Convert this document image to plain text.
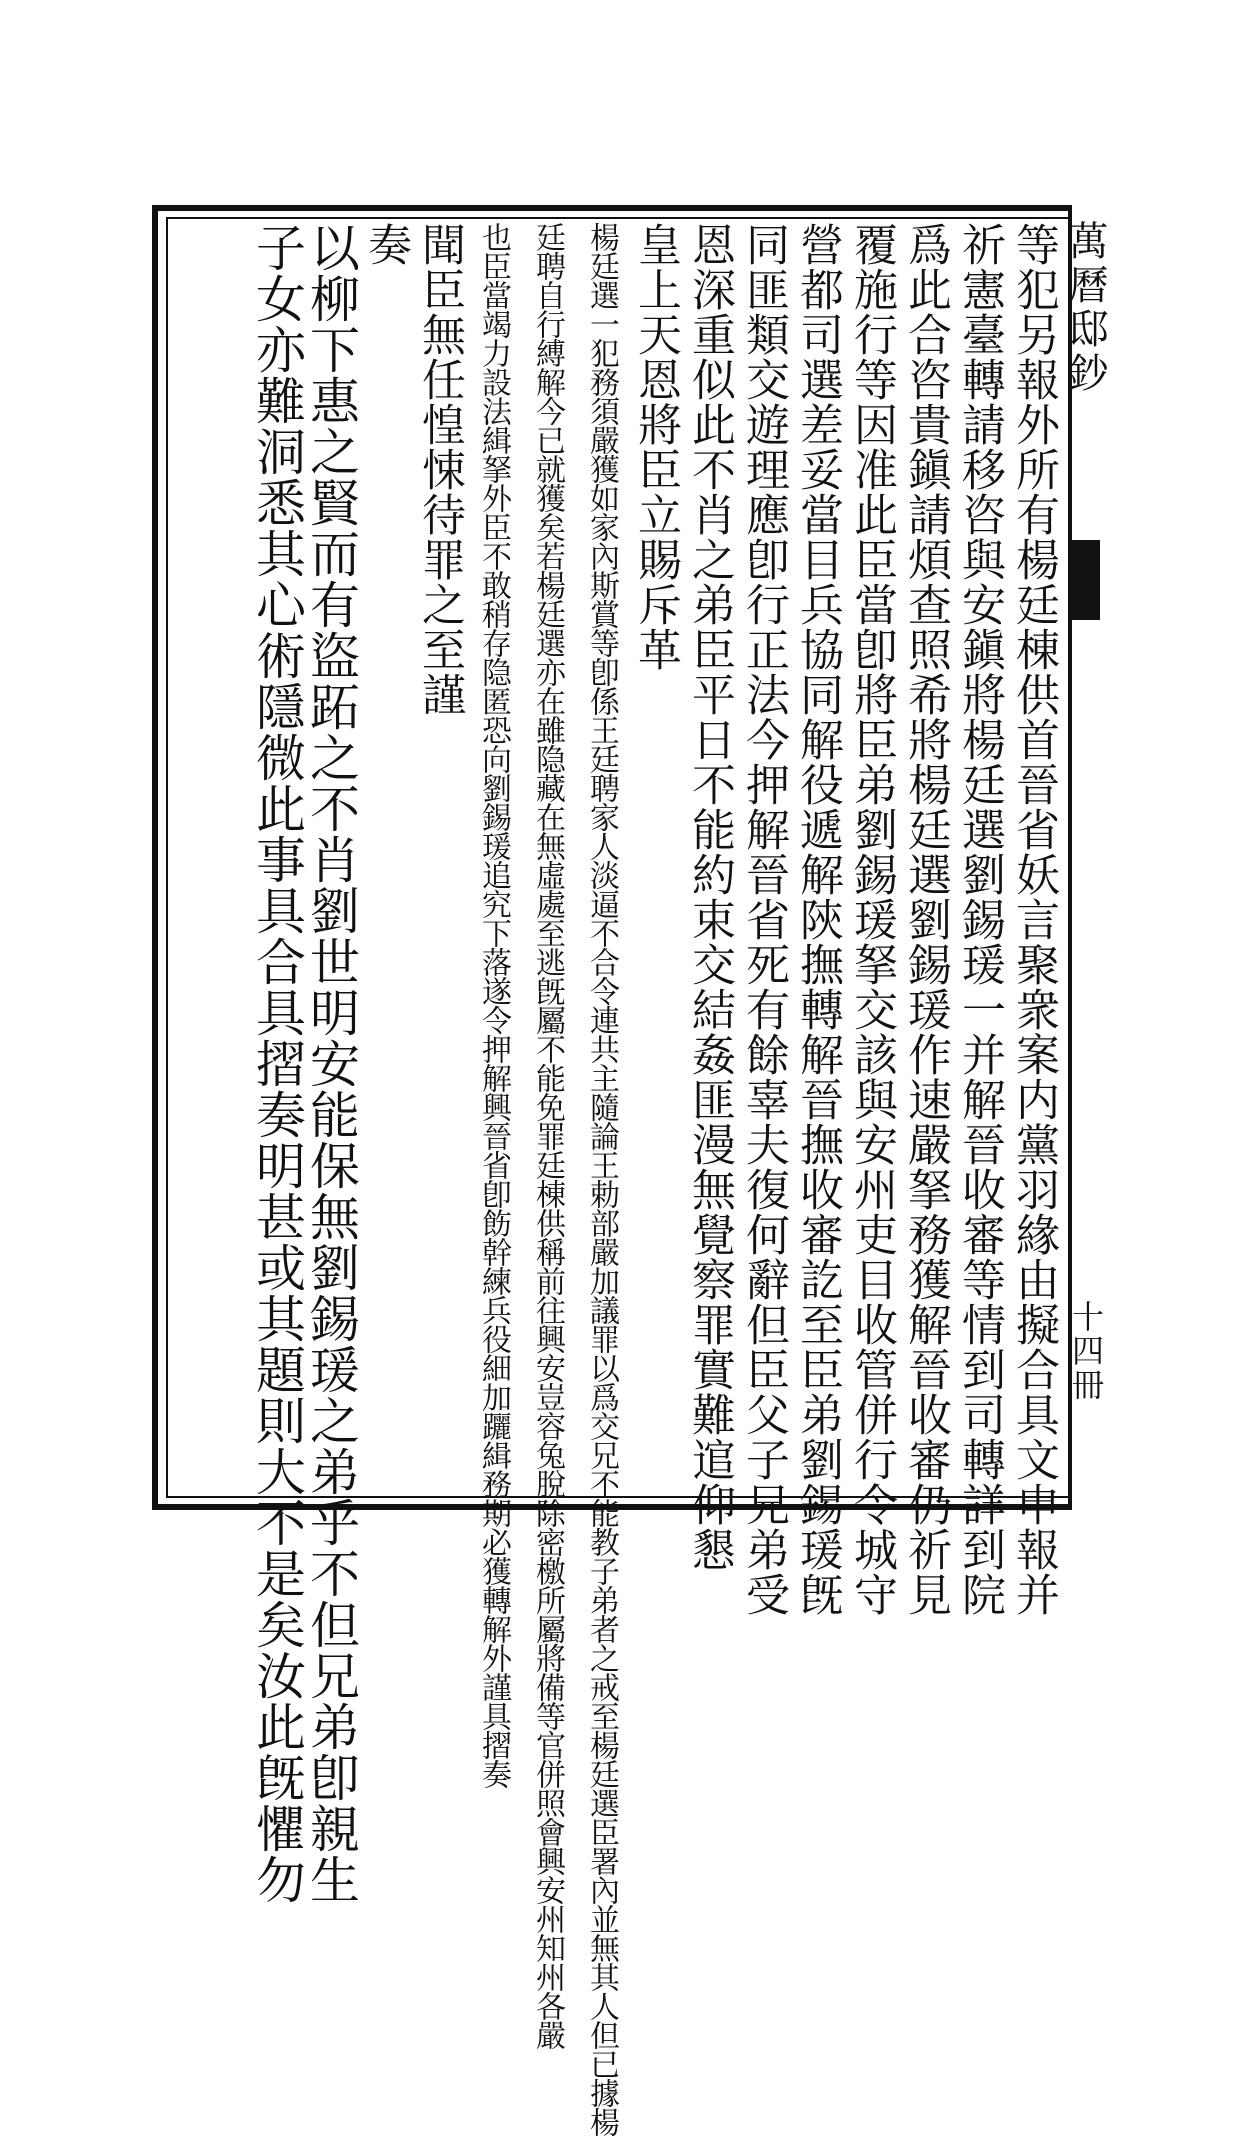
萬曆邸鈔
十四冊
等犯另報外所有楊廷棟供首晉省妖言聚衆案内黨羽緣由擬合具文申報并
祈憲臺轉請移咨與安鎭將楊廷選劉錫瑗一并解晉收審等情到司轉詳到院
爲此合咨貴鎭請煩查照希將楊廷選劉錫瑗作速嚴拏務獲解晉收審仍祈見
覆施行等因准此臣當卽將臣弟劉錫瑗拏交該與安州吏目收管併行令城守
營都司選差妥當目兵協同解役遞解陝撫轉解晉撫收審訖至臣弟劉錫瑗旣
同匪類交遊理應卽行正法今押解晉省死有餘辜夫復何辭但臣父子兄弟受
恩深重似此不肖之弟臣平日不能約束交結姦匪漫無覺察罪實難逭仰懇
皇上天恩將臣立賜斥革
楊廷選一犯務須嚴獲如家內斯賞等卽係王廷聘家人淡逼不合令連共主隨論王勅部嚴加議罪以爲交兄不能教子弟者之戒至楊廷選臣署內並無其人但已據楊
廷聘自行縛解今已就獲矣若楊廷選亦在雖隐藏在無虛處至逃旣屬不能免罪廷棟供稱前往興安豈容兔脫除密檄所屬將備等官併照會興安州知州各嚴
也臣當竭力設法緝拏外臣不敢稍存隐匿恐向劉錫瑗追究下落遂令押解興晉省卽飭幹練兵役細加躧緝務期必獲轉解外謹具摺奏
聞臣無任惶悚待罪之至謹
奏
以柳下惠之賢而有盜跖之不肖劉世明安能保無劉錫瑗之弟乎不但兄弟卽親生
子女亦難洞悉其心術隱微此事具合具摺奏明甚或其題則大不是矣汝此旣懼勿
